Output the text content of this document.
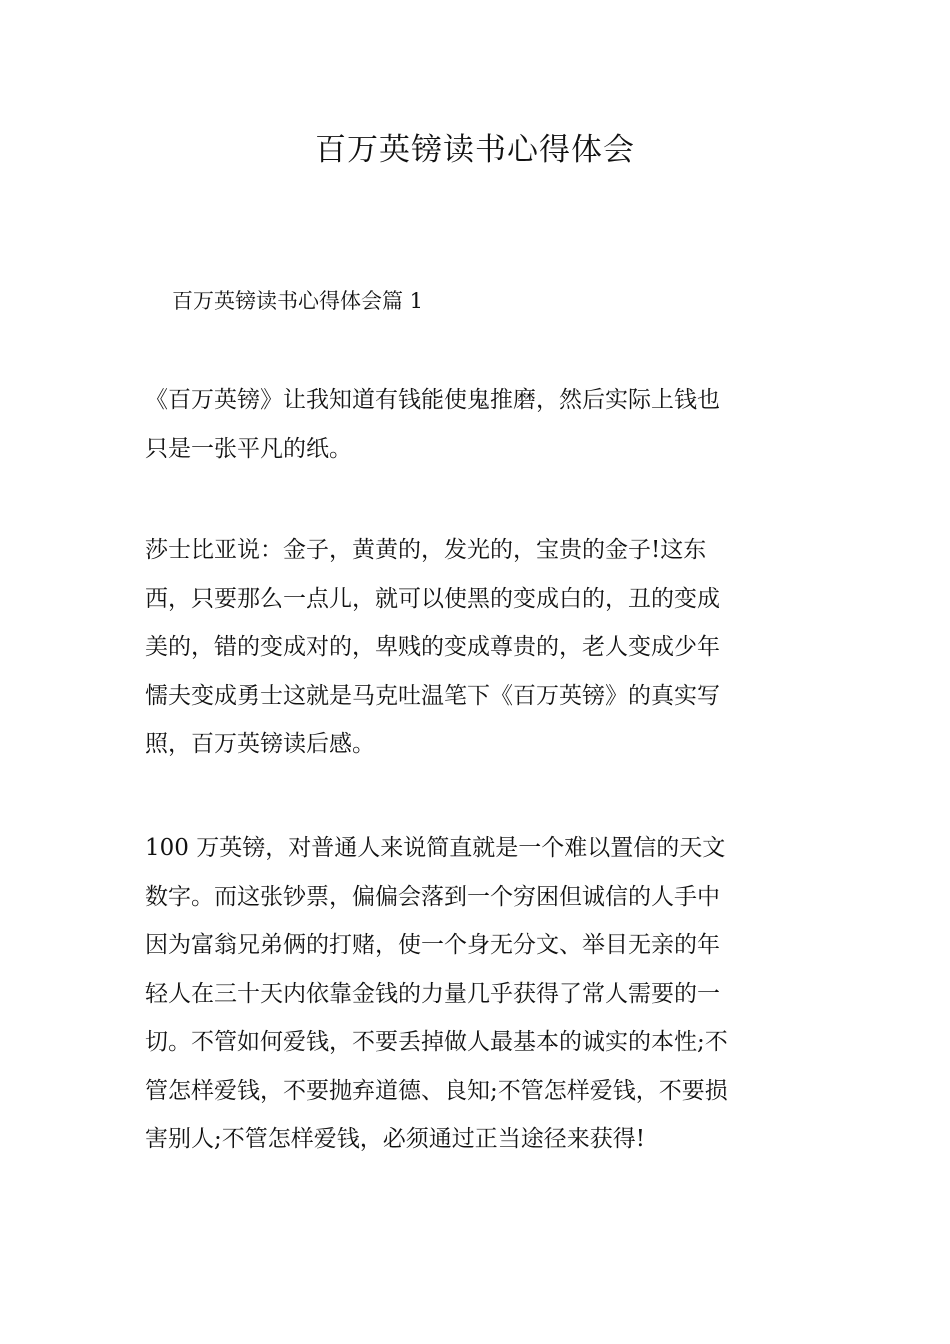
百万英镑读书心得体会
百万英镑读书心得体会篇 1
《百万英镑》让我知道有钱能使鬼推磨，然后实际上钱也
只是一张平凡的纸。
莎士比亚说：金子，黄黄的，发光的，宝贵的金子!这东
西，只要那么一点儿，就可以使黑的变成白的，丑的变成
美的，错的变成对的，卑贱的变成尊贵的，老人变成少年
懦夫变成勇士这就是马克吐温笔下《百万英镑》的真实写
照，百万英镑读后感。
100 万英镑，对普通人来说简直就是一个难以置信的天文
数字。而这张钞票，偏偏会落到一个穷困但诚信的人手中
因为富翁兄弟俩的打赌，使一个身无分文、举目无亲的年
轻人在三十天内依靠金钱的力量几乎获得了常人需要的一
切。不管如何爱钱，不要丢掉做人最基本的诚实的本性;不
管怎样爱钱，不要抛弃道德、良知;不管怎样爱钱，不要损
害别人;不管怎样爱钱，必须通过正当途径来获得!
